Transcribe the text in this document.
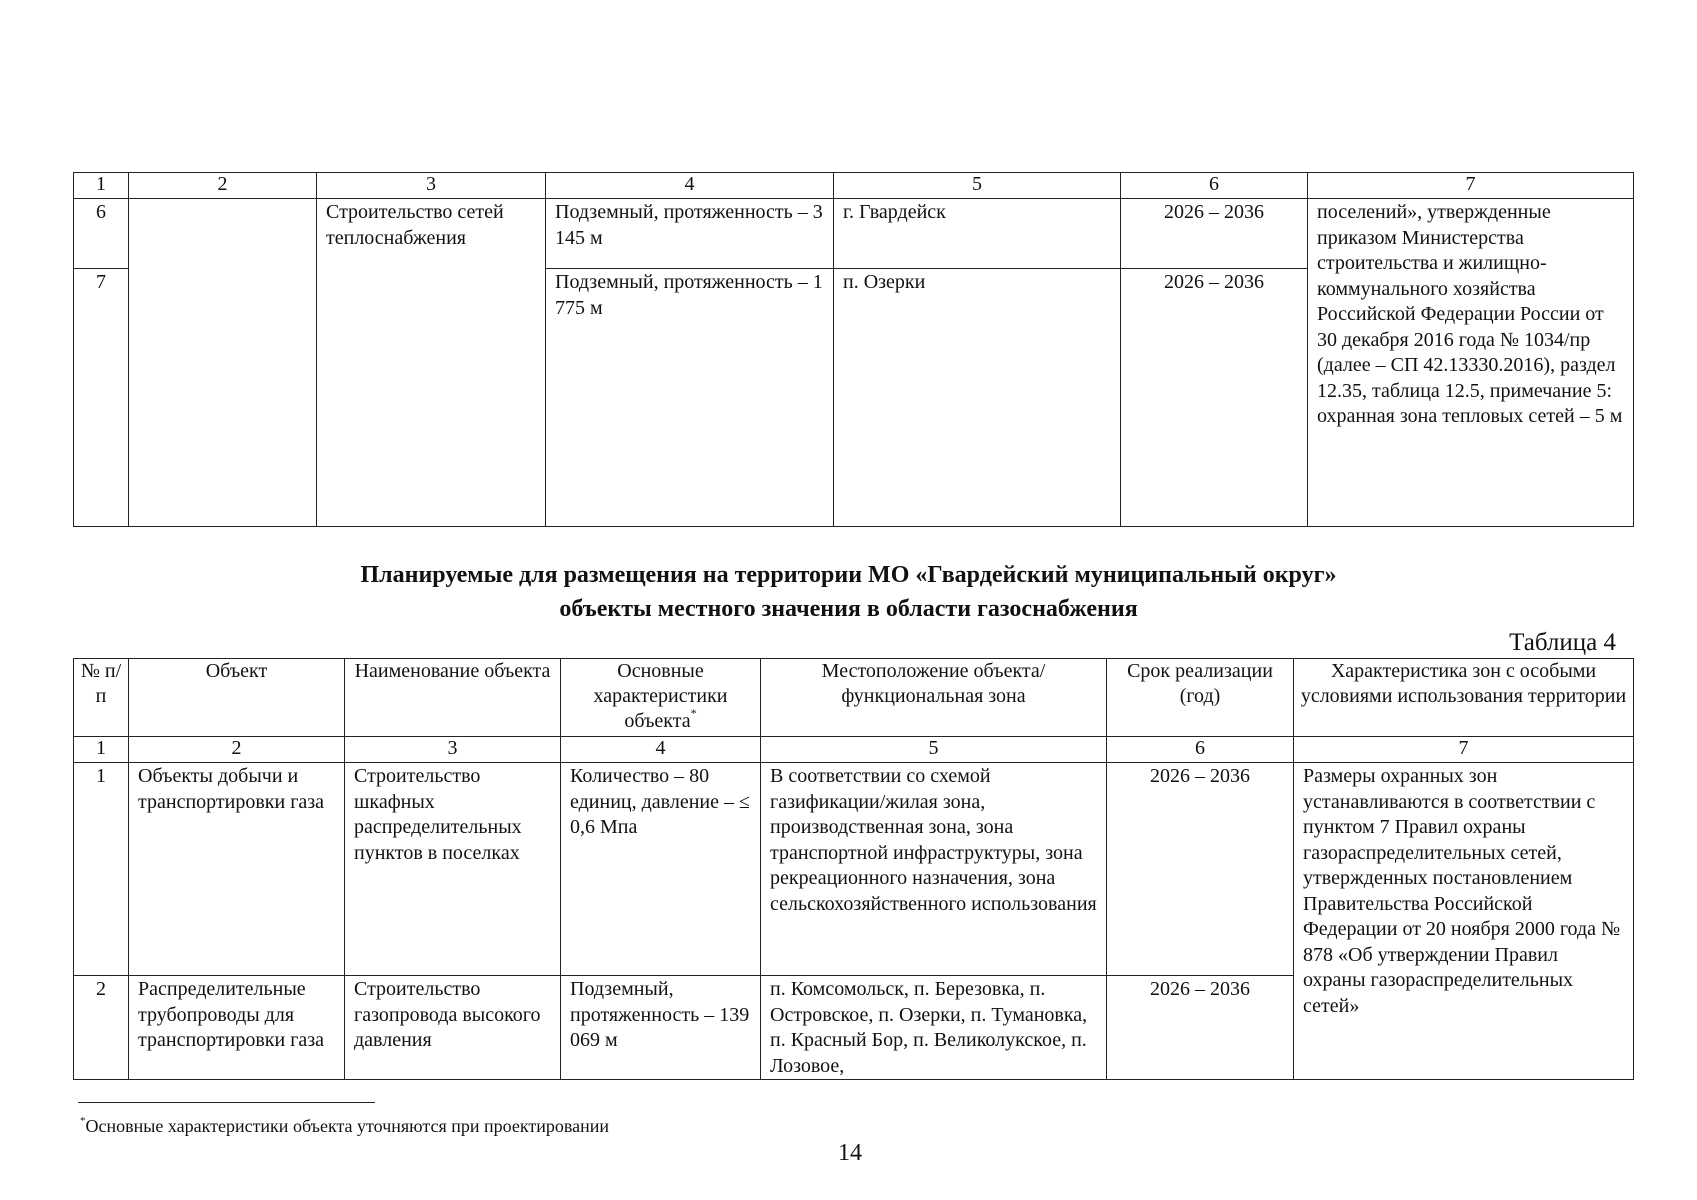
1	2	3	4	5	6	7
6		Строительство сетей теплоснабжения	Подземный, протяженность – 3 145 м	г. Гвардейск	2026 – 2036	поселений», утвержденные приказом Министерства строительства и жилищно-коммунального хозяйства Российской Федерации России от 30 декабря 2016 года № 1034/пр (далее – СП 42.13330.2016), раздел 12.35, таблица 12.5, примечание 5: охранная зона тепловых сетей – 5 м
7			Подземный, протяженность – 1 775 м	п. Озерки	2026 – 2036	
Планируемые для размещения на территории МО «Гвардейский муниципальный округ»
объекты местного значения в области газоснабжения
Таблица 4
№ п/п	Объект	Наименование объекта	Основные характеристики объекта*	Местоположение объекта/ функциональная зона	Срок реализации (год)	Характеристика зон с особыми условиями использования территории
1	2	3	4	5	6	7
1	Объекты добычи и транспортировки газа	Строительство шкафных распределительных пунктов в поселках	Количество – 80 единиц, давление – ≤ 0,6 Мпа	В соответствии со схемой газификации/жилая зона, производственная зона, зона транспортной инфраструктуры, зона рекреационного назначения, зона сельскохозяйственного использования	2026 – 2036	Размеры охранных зон устанавливаются в соответствии с пунктом 7 Правил охраны газораспределительных сетей, утвержденных постановлением Правительства Российской Федерации от 20 ноября 2000 года № 878 «Об утверждении Правил охраны газораспределительных сетей»
2	Распределительные трубопроводы для транспортировки газа	Строительство газопровода высокого давления	Подземный, протяженность – 139 069 м	п. Комсомольск, п. Березовка, п. Островское, п. Озерки, п. Тумановка, п. Красный Бор, п. Великолукское, п. Лозовое,	2026 – 2036	
*Основные характеристики объекта уточняются при проектировании
14
